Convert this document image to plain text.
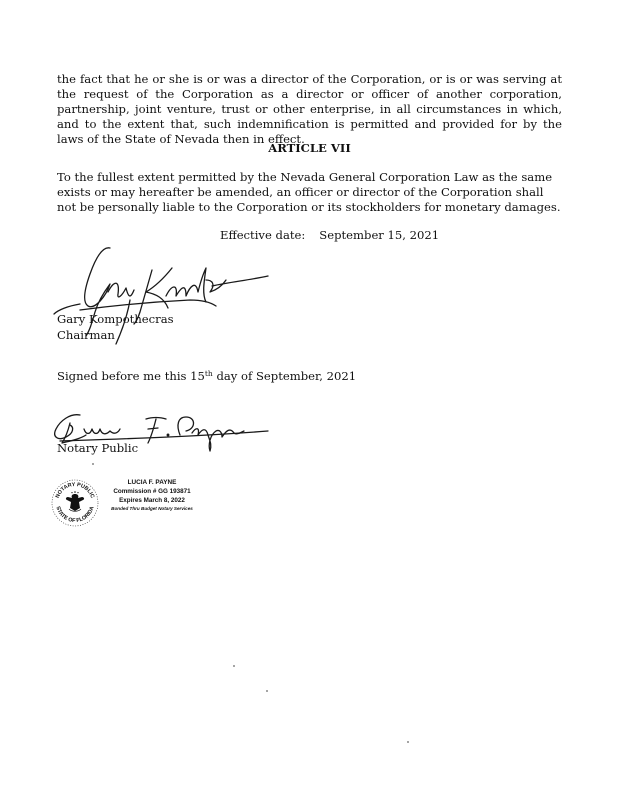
the fact that he or she is or was a director of the Corporation, or is or was serving at the request of the Corporation as a director or officer of another corporation, partnership, joint venture, trust or other enterprise, in all circumstances in which, and to the extent that, such indemnification is permitted and provided for by the laws of the State of Nevada then in effect.

ARTICLE VII

To the fullest extent permitted by the Nevada General Corporation Law as the same exists or may hereafter be amended, an officer or director of the Corporation shall not be personally liable to the Corporation or its stockholders for monetary damages.

Effective date: September 15, 2021
Gary Kompothecras
Chairman
Signed before me this 15th day of September, 2021
Notary Public
NOTARY PUBLIC
STATE OF FLORIDA
LUCIA F. PAYNE
Commission # GG 193871
Expires March 8, 2022
Bonded Thru Budget Notary Services
